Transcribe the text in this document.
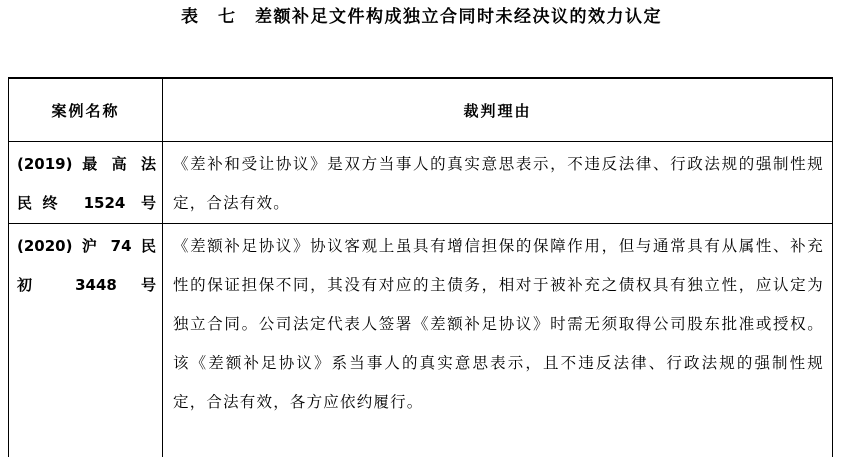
表　七　差额补足文件构成独立合同时未经决议的效力认定
案例名称	裁判理由

(2019) 最 高 法
民终 1524 号	《差补和受让协议》是双方当事人的真实意思表示，不违反法律、行政法规的强制性规定，合法有效。

(2020) 沪 74 民
初 3448 号	《差额补足协议》协议客观上虽具有增信担保的保障作用，但与通常具有从属性、补充性的保证担保不同，其没有对应的主债务，相对于被补充之债权具有独立性，应认定为独立合同。公司法定代表人签署《差额补足协议》时需无须取得公司股东批准或授权。该《差额补足协议》系当事人的真实意思表示，且不违反法律、行政法规的强制性规定，合法有效，各方应依约履行。
